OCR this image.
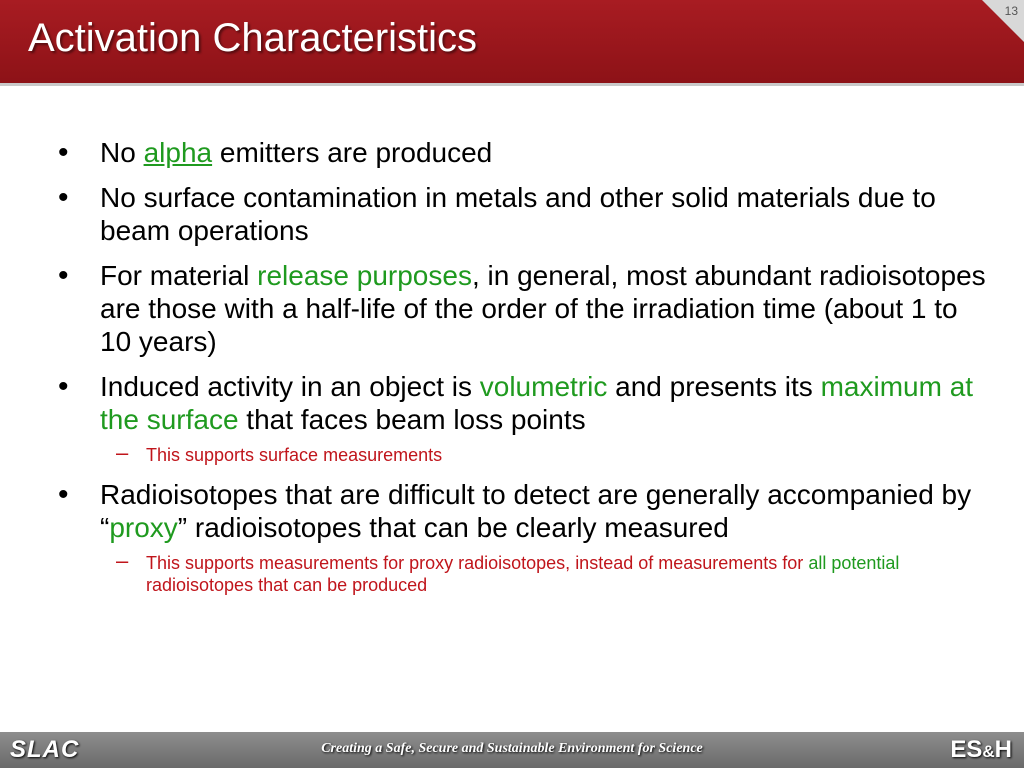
Activation Characteristics
13
• No alpha emitters are produced
• No surface contamination in metals and other solid materials due to beam operations
• For material release purposes, in general, most abundant radioisotopes are those with a half-life of the order of the irradiation time (about 1 to 10 years)
• Induced activity in an object is volumetric and presents its maximum at the surface that faces beam loss points
– This supports surface measurements
• Radioisotopes that are difficult to detect are generally accompanied by “proxy” radioisotopes that can be clearly measured
– This supports measurements for proxy radioisotopes, instead of measurements for all potential radioisotopes that can be produced
SLAC	Creating a Safe, Secure and Sustainable Environment for Science	ES&H
